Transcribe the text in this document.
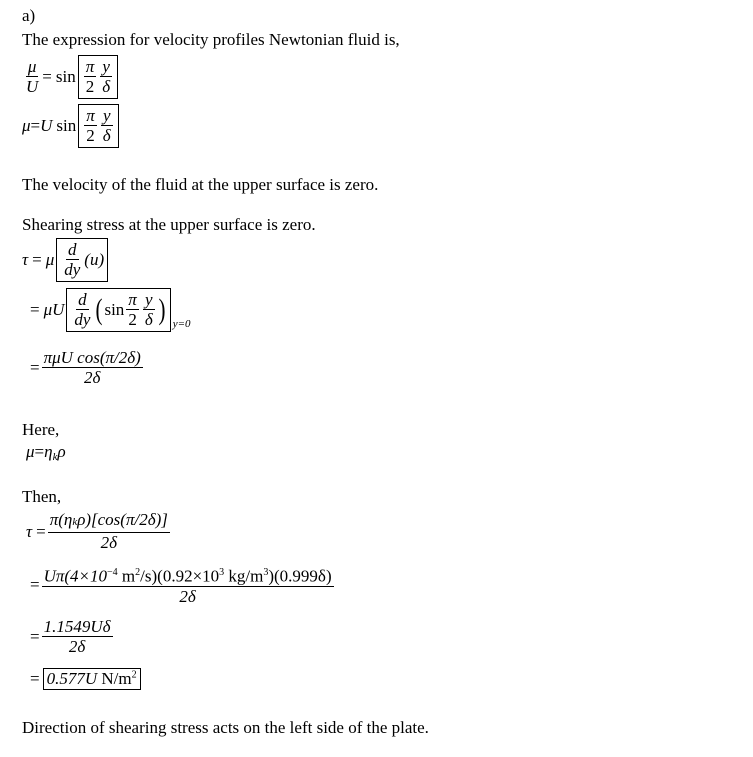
a)
The expression for velocity profiles Newtonian fluid is,
$\frac{\mu}{U} = \sin \frac{\pi}{2} \frac{y}{\delta}$
μ = U $\sin \frac{\pi}{2} \frac{y}{\delta}$
The velocity of the fluid at the upper surface is zero.
Shearing stress at the upper surface is zero.
τ = μ $\frac{d}{dy} (u)$
= μU $\frac{d}{dy}$ ( $\sin \frac{\pi}{2} \frac{y}{\delta}$ ) y=0
= $\frac{\text{πμU cos(π/2δ)}}{2\delta}$
Here,
μ = η k ρ
Then,
$\tau = \frac{\text{π(ηkρ)[cos(π/2δ)]}}{2\delta}$
= $\frac{U\pi(4\times 10^{-4} m^2/s)(0.92\times 10^3 kg/m^3)(0.999\delta)}{2\delta}$
= $\frac{1.1549U\delta}{2\delta}$
= 0.577U $N/m^2$
Direction of shearing stress acts on the left side of the plate.
